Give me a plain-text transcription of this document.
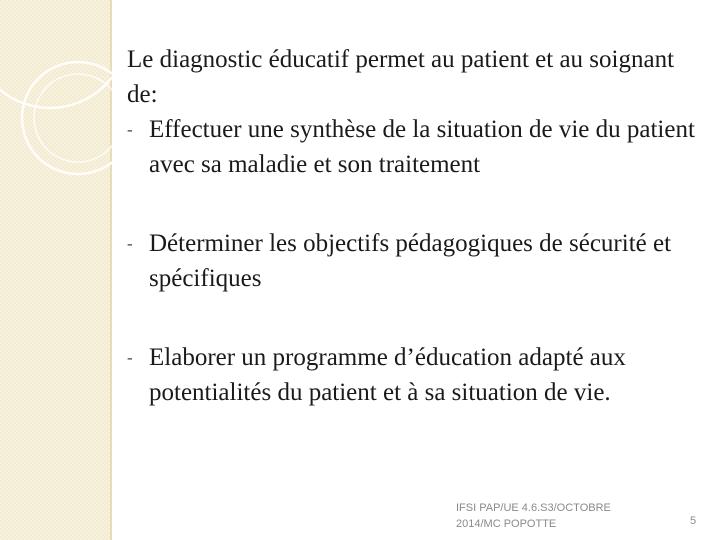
Le diagnostic éducatif permet au patient et au soignant de:

- Effectuer une synthèse de la situation de vie du patient avec sa maladie et son traitement
- Déterminer les objectifs pédagogiques de sécurité et spécifiques
- Elaborer un programme d’éducation adapté aux potentialités du patient et à sa situation de vie.
IFSI PAP/UE 4.6.S3/OCTOBRE
2014/MC POPOTTE	5
